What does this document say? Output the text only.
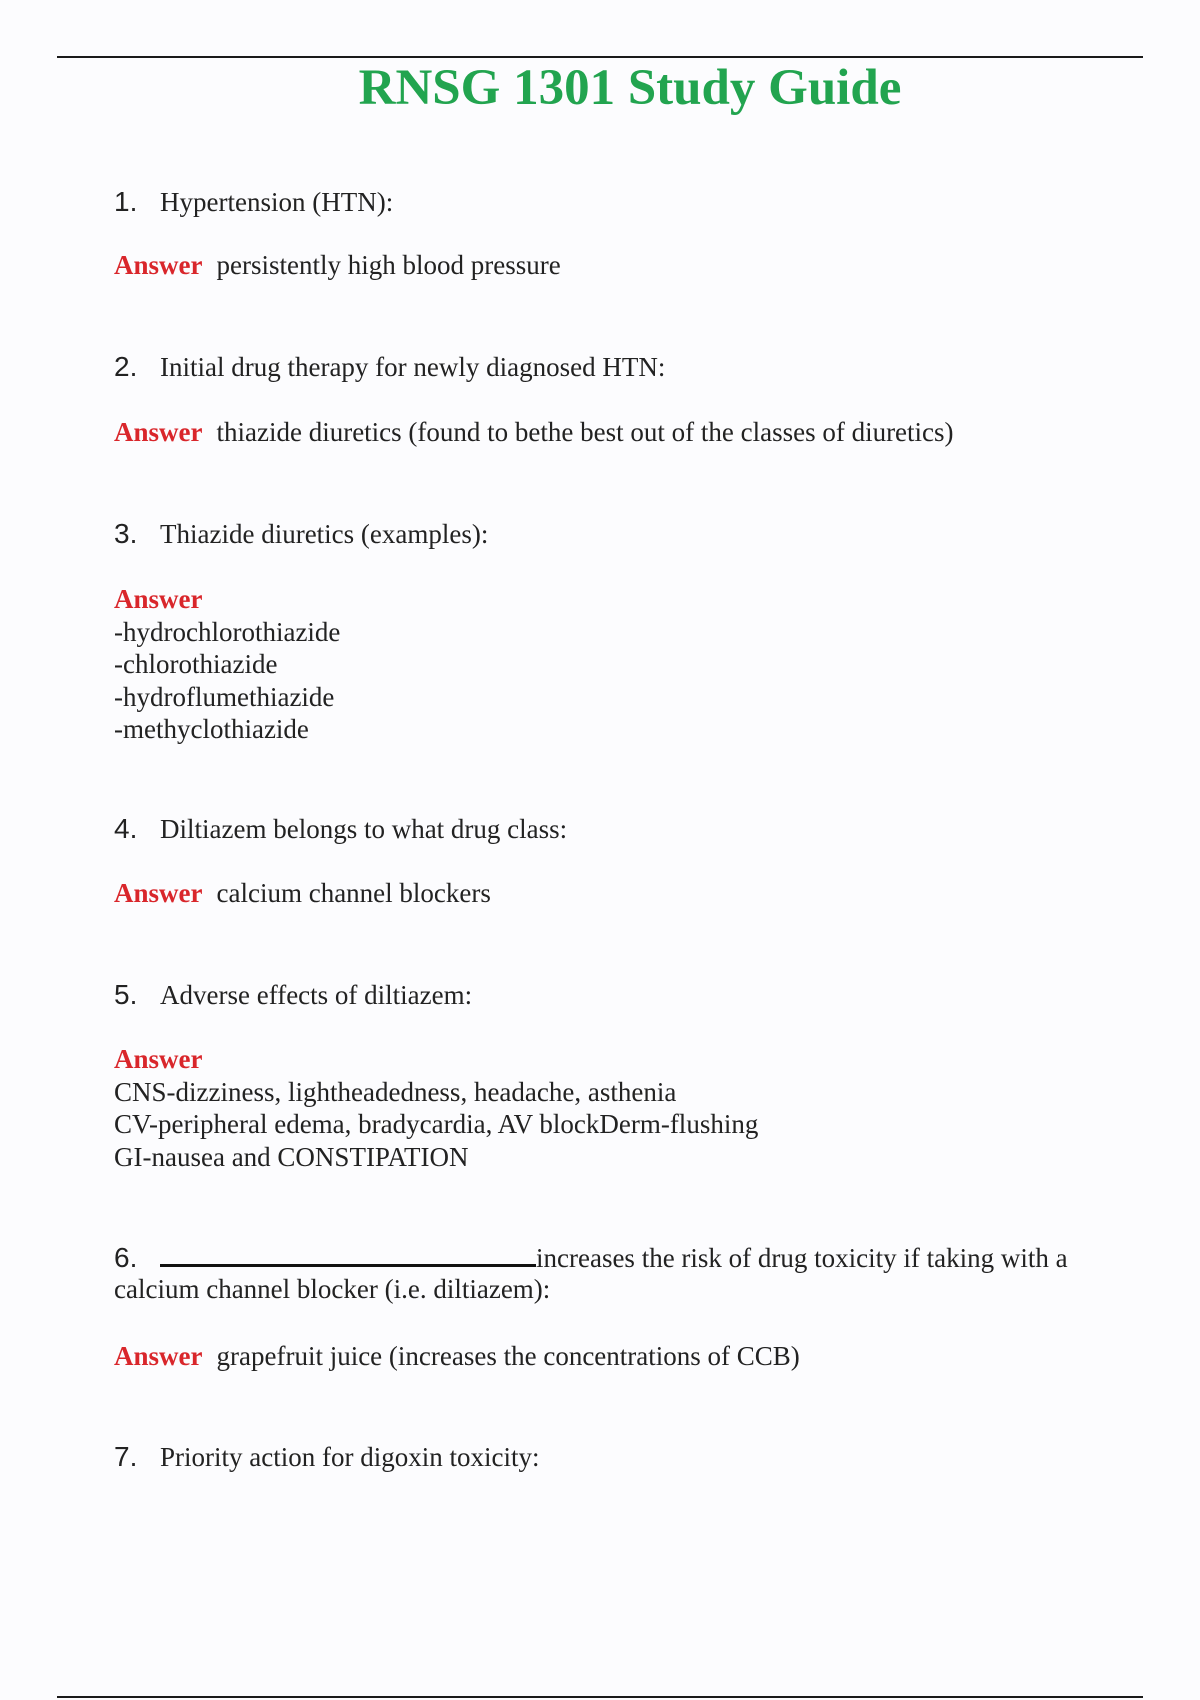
RNSG 1301 Study Guide
1. Hypertension (HTN):
Answer persistently high blood pressure
2. Initial drug therapy for newly diagnosed HTN:
Answer thiazide diuretics (found to bethe best out of the classes of diuretics)
3. Thiazide diuretics (examples):
Answer
-hydrochlorothiazide
-chlorothiazide
-hydroflumethiazide
-methyclothiazide
4. Diltiazem belongs to what drug class:
Answer calcium channel blockers
5. Adverse effects of diltiazem:
Answer
CNS-dizziness, lightheadedness, headache, asthenia
CV-peripheral edema, bradycardia, AV blockDerm-flushing
GI-nausea and CONSTIPATION
6.	increases the risk of drug toxicity if taking with a calcium channel blocker (i.e. diltiazem):
Answer grapefruit juice (increases the concentrations of CCB)
7. Priority action for digoxin toxicity:
